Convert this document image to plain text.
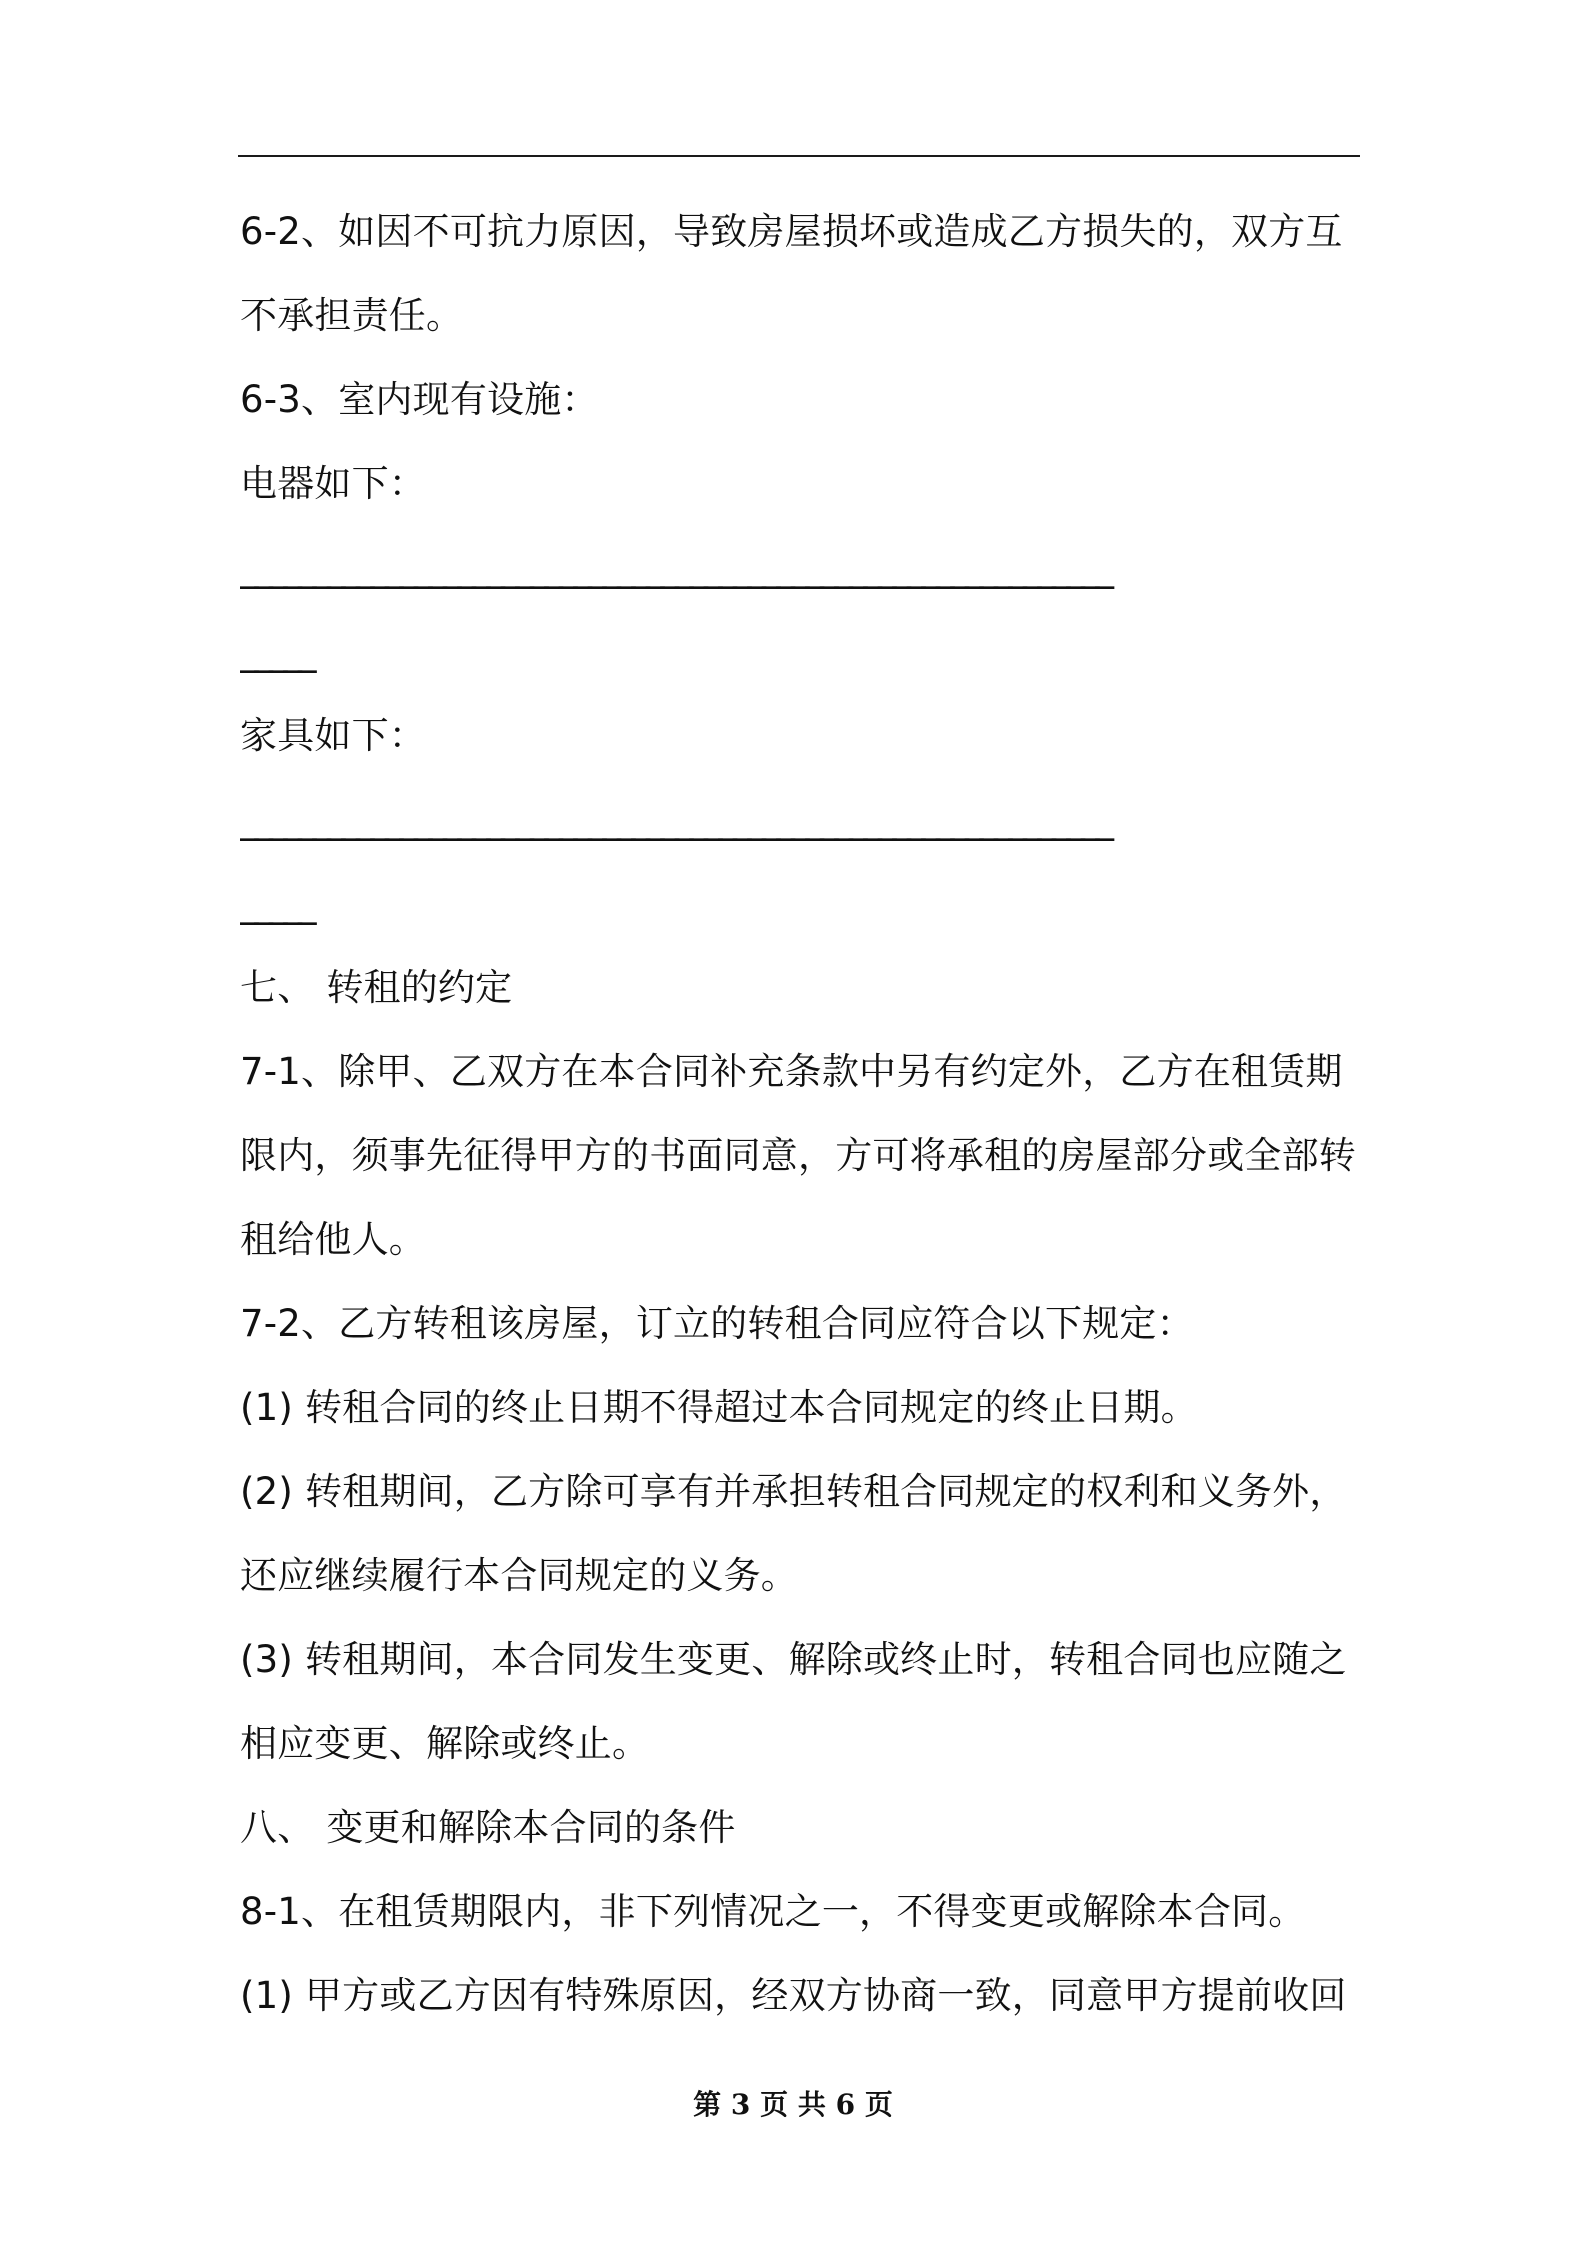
6-2、如因不可抗力原因，导致房屋损坏或造成乙方损失的，双方互
不承担责任。
6-3、室内现有设施：
电器如下：
____________________________________________________________
_____
家具如下：
____________________________________________________________
_____
七、 转租的约定
7-1、除甲、乙双方在本合同补充条款中另有约定外，乙方在租赁期
限内，须事先征得甲方的书面同意，方可将承租的房屋部分或全部转
租给他人。
7-2、乙方转租该房屋，订立的转租合同应符合以下规定：
(1) 转租合同的终止日期不得超过本合同规定的终止日期。
(2) 转租期间，乙方除可享有并承担转租合同规定的权利和义务外，
还应继续履行本合同规定的义务。
(3) 转租期间，本合同发生变更、解除或终止时，转租合同也应随之
相应变更、解除或终止。
八、 变更和解除本合同的条件
8-1、在租赁期限内，非下列情况之一，不得变更或解除本合同。
(1) 甲方或乙方因有特殊原因，经双方协商一致，同意甲方提前收回
第 3 页 共 6 页
